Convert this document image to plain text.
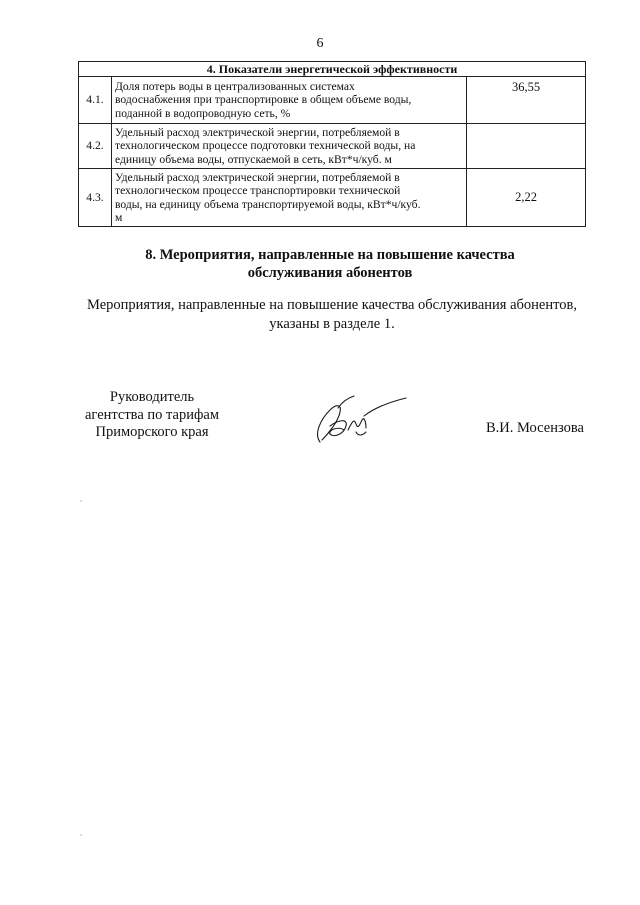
6
4. Показатели энергетической эффективности		
4.1.	Доля потерь воды в централизованных системах
водоснабжения при транспортировке в общем объеме воды,
поданной в водопроводную сеть, %	36,55
4.2.	Удельный расход электрической энергии, потребляемой в
технологическом процессе подготовки технической воды, на
единицу объема воды, отпускаемой в сеть, кВт*ч/куб. м	

4.3.	Удельный расход электрической энергии, потребляемой в
технологическом процессе транспортировки технической
воды, на единицу объема транспортируемой воды, кВт*ч/куб.
м	2,22
8. Мероприятия, направленные на повышение качества
обслуживания абонентов
Мероприятия, направленные на повышение качества обслуживания абонентов,
указаны в разделе 1.
Руководитель
агентства по тарифам
Приморского края	В.И. Мосензова
